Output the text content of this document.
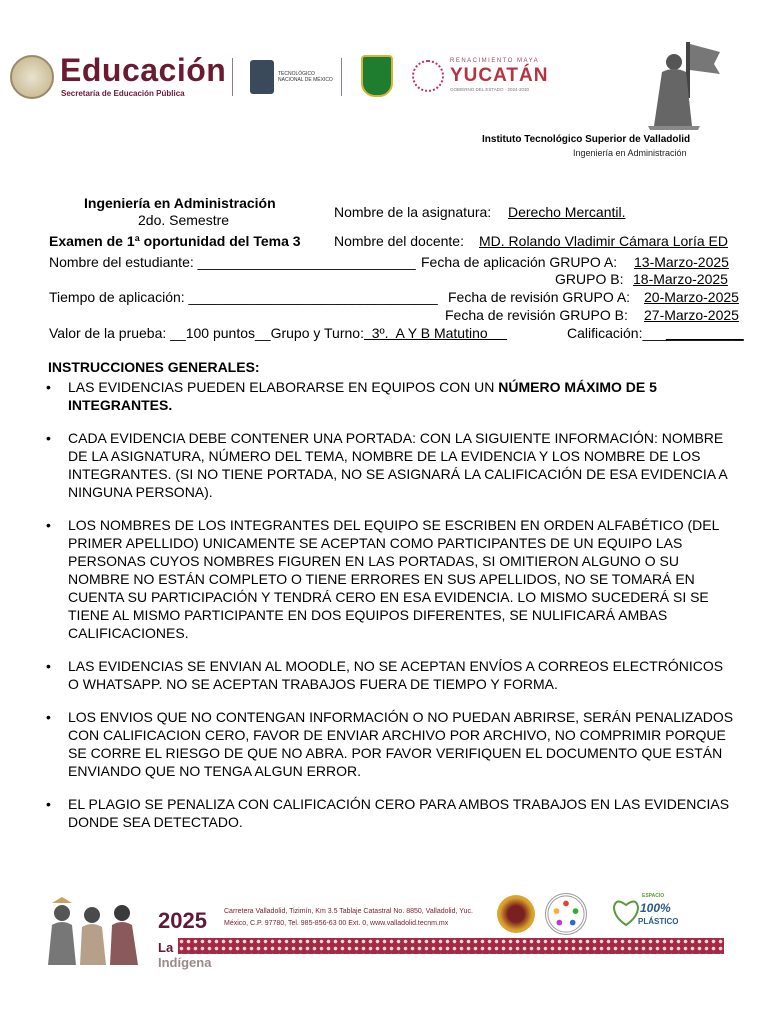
Educación
Secretaría de Educación Pública
TECNOLÓGICO
NACIONAL DE MÉXICO
RENACIMIENTO MAYA
YUCATÁN
GOBIERNO DEL ESTADO · 2024-2030
Instituto Tecnológico Superior de Valladolid
Ingeniería en Administración
Ingeniería en Administración
2do. Semestre	Nombre de la asignatura: Derecho Mercantil.
Examen de 1ª oportunidad del Tema 3 Nombre del docente: MD. Rolando Vladimir Cámara Loría ED
Nombre del estudiante: ____________________________ Fecha de aplicación GRUPO A: 13-Marzo-2025
GRUPO B: 18-Marzo-2025
Tiempo de aplicación: ________________________________ Fecha de revisión GRUPO A: 20-Marzo-2025
Fecha de revisión GRUPO B: 27-Marzo-2025
Valor de la prueba: __100 puntos__Grupo y Turno:  3º.  A Y B Matutino	Calificación:_____________
INSTRUCCIONES GENERALES:
• LAS EVIDENCIAS PUEDEN ELABORARSE EN EQUIPOS CON UN NÚMERO MÁXIMO DE 5 INTEGRANTES.
• CADA EVIDENCIA DEBE CONTENER UNA PORTADA: CON LA SIGUIENTE INFORMACIÓN: NOMBRE DE LA ASIGNATURA, NÚMERO DEL TEMA, NOMBRE DE LA EVIDENCIA Y LOS NOMBRE DE LOS INTEGRANTES. (SI NO TIENE PORTADA, NO SE ASIGNARÁ LA CALIFICACIÓN DE ESA EVIDENCIA A NINGUNA PERSONA).
• LOS NOMBRES DE LOS INTEGRANTES DEL EQUIPO SE ESCRIBEN EN ORDEN ALFABÉTICO (DEL PRIMER APELLIDO) UNICAMENTE SE ACEPTAN COMO PARTICIPANTES DE UN EQUIPO LAS PERSONAS CUYOS NOMBRES FIGUREN EN LAS PORTADAS, SI OMITIERON ALGUNO O SU NOMBRE NO ESTÁN COMPLETO O TIENE ERRORES EN SUS APELLIDOS, NO SE TOMARÁ EN CUENTA SU PARTICIPACIÓN Y TENDRÁ CERO EN ESA EVIDENCIA. LO MISMO SUCEDERÁ SI SE TIENE AL MISMO PARTICIPANTE EN DOS EQUIPOS DIFERENTES, SE NULIFICARÁ AMBAS CALIFICACIONES.
• LAS EVIDENCIAS SE ENVIAN AL MOODLE, NO SE ACEPTAN ENVÍOS A CORREOS ELECTRÓNICOS O WHATSAPP. NO SE ACEPTAN TRABAJOS FUERA DE TIEMPO Y FORMA.
• LOS ENVIOS QUE NO CONTENGAN INFORMACIÓN O NO PUEDAN ABRIRSE, SERÁN PENALIZADOS CON CALIFICACION CERO, FAVOR DE ENVIAR ARCHIVO POR ARCHIVO, NO COMPRIMIR PORQUE SE CORRE EL RIESGO DE QUE NO ABRA. POR FAVOR VERIFIQUEN EL DOCUMENTO QUE ESTÁN ENVIANDO QUE NO TENGA ALGUN ERROR.
• EL PLAGIO SE PENALIZA CON CALIFICACIÓN CERO PARA AMBOS TRABAJOS EN LAS EVIDENCIAS DONDE SEA DETECTADO.
2025 Carretera Valladolid, Tizimín, Km 3.5 Tablaje Catastral No. 8850, Valladolid, Yuc.
México, C.P. 97780, Tel. 985-856-63 00 Ext. 0, www.valladolid.tecnm.mx
La
Indígena
ESPACIO
100%
PLÁSTICO
